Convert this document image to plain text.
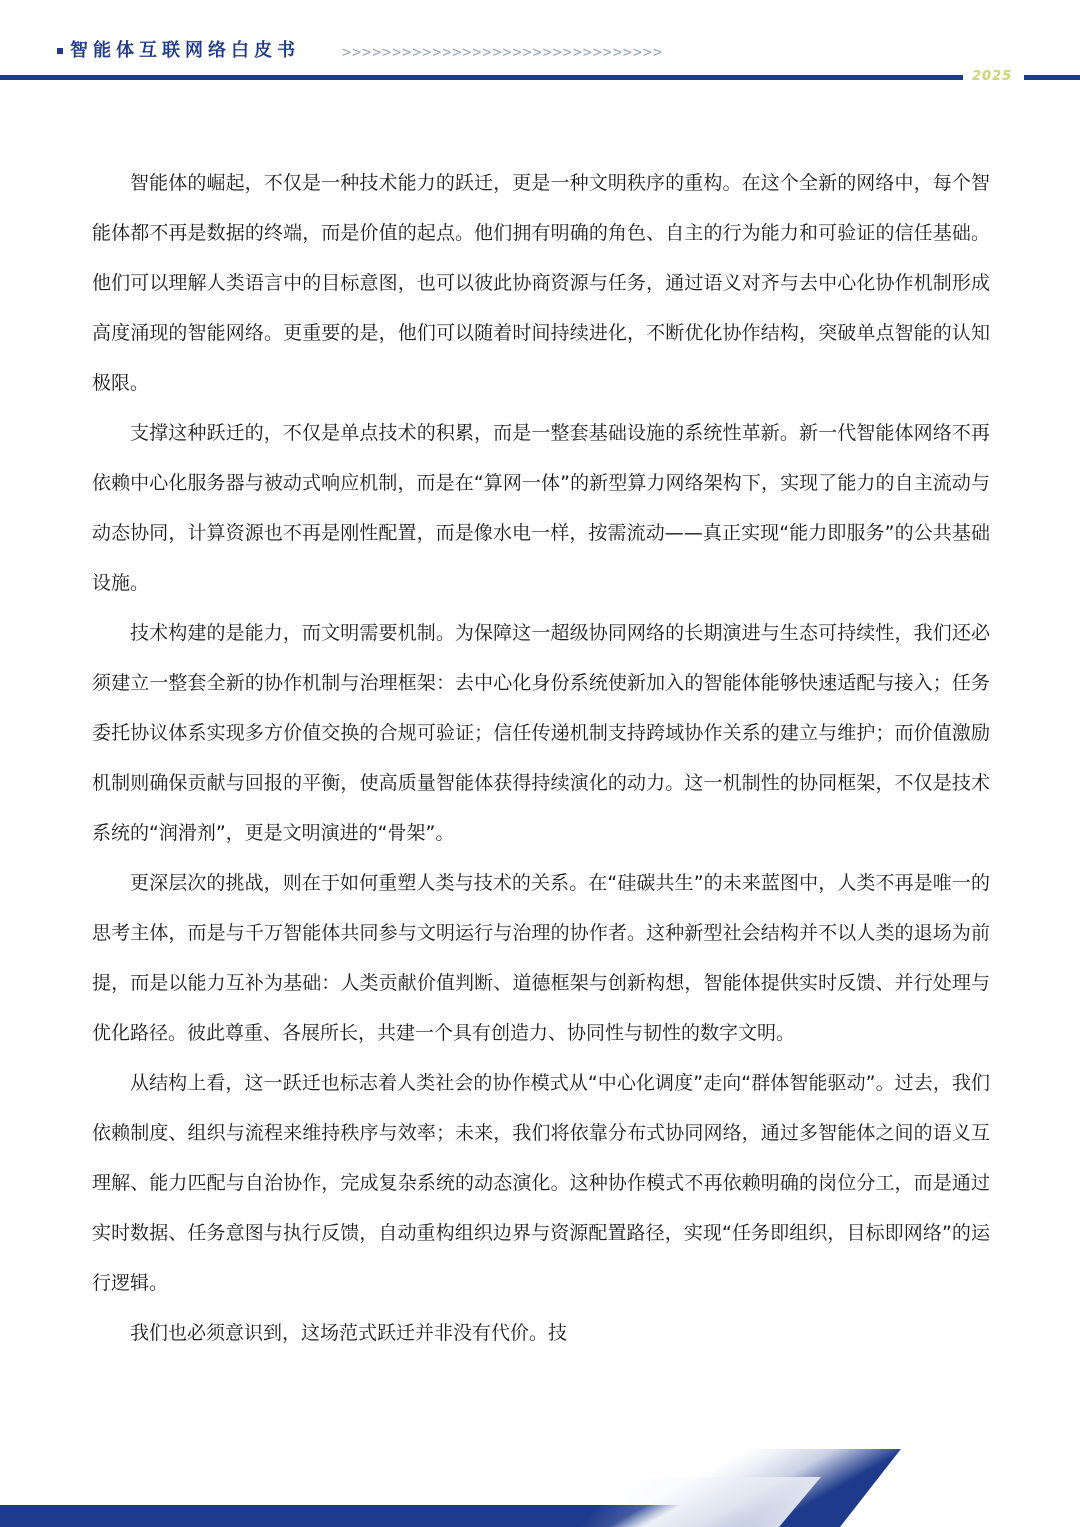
智能体互联网络白皮书	>>>>>>>>>>>>>>>>>>>>>>>>>>>>>>>>
2025

智能体的崛起，不仅是一种技术能力的跃迁，更是一种文明秩序的重构。在这个全新的网络中，每个智能体都不再是数据的终端，而是价值的起点。他们拥有明确的角色、自主的行为能力和可验证的信任基础。他们可以理解人类语言中的目标意图，也可以彼此协商资源与任务，通过语义对齐与去中心化协作机制形成高度涌现的智能网络。更重要的是，他们可以随着时间持续进化，不断优化协作结构，突破单点智能的认知极限。

支撑这种跃迁的，不仅是单点技术的积累，而是一整套基础设施的系统性革新。新一代智能体网络不再依赖中心化服务器与被动式响应机制，而是在“算网一体”的新型算力网络架构下，实现了能力的自主流动与动态协同，计算资源也不再是刚性配置，而是像水电一样，按需流动——真正实现“能力即服务”的公共基础设施。

技术构建的是能力，而文明需要机制。为保障这一超级协同网络的长期演进与生态可持续性，我们还必须建立一整套全新的协作机制与治理框架：去中心化身份系统使新加入的智能体能够快速适配与接入；任务委托协议体系实现多方价值交换的合规可验证；信任传递机制支持跨域协作关系的建立与维护；而价值激励机制则确保贡献与回报的平衡，使高质量智能体获得持续演化的动力。这一机制性的协同框架，不仅是技术系统的“润滑剂”，更是文明演进的“骨架”。

更深层次的挑战，则在于如何重塑人类与技术的关系。在“硅碳共生”的未来蓝图中，人类不再是唯一的思考主体，而是与千万智能体共同参与文明运行与治理的协作者。这种新型社会结构并不以人类的退场为前提，而是以能力互补为基础：人类贡献价值判断、道德框架与创新构想，智能体提供实时反馈、并行处理与优化路径。彼此尊重、各展所长，共建一个具有创造力、协同性与韧性的数字文明。

从结构上看，这一跃迁也标志着人类社会的协作模式从“中心化调度”走向“群体智能驱动”。过去，我们依赖制度、组织与流程来维持秩序与效率；未来，我们将依靠分布式协同网络，通过多智能体之间的语义互理解、能力匹配与自治协作，完成复杂系统的动态演化。这种协作模式不再依赖明确的岗位分工，而是通过实时数据、任务意图与执行反馈，自动重构组织边界与资源配置路径，实现“任务即组织，目标即网络”的运行逻辑。

我们也必须意识到，这场范式跃迁并非没有代价。技
